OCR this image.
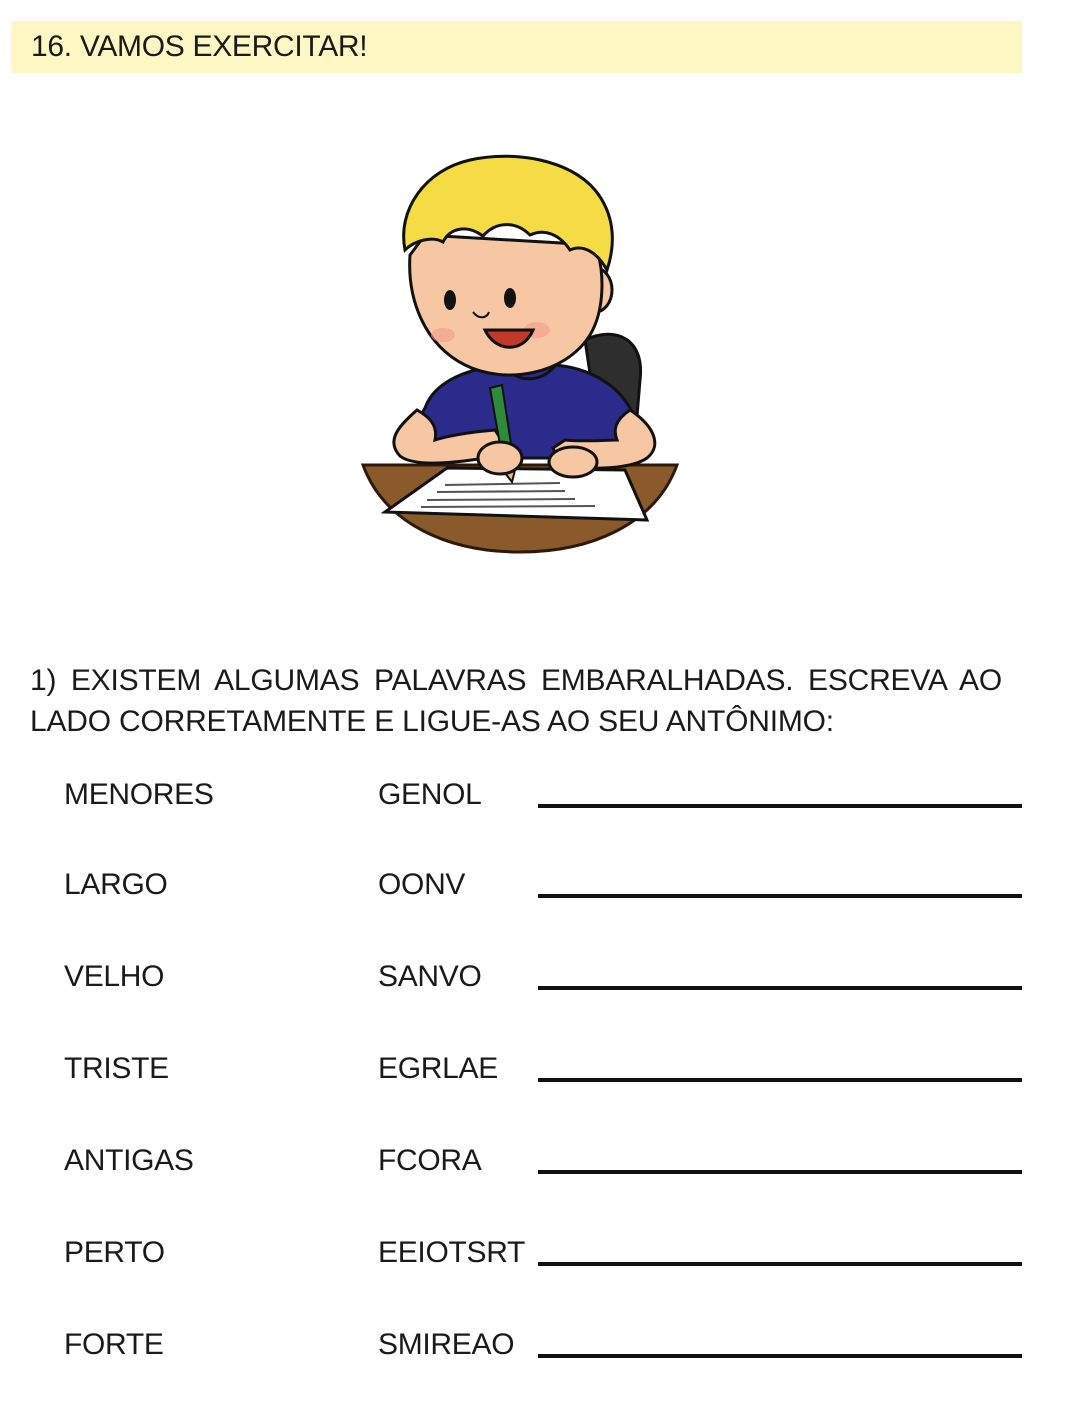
16. VAMOS EXERCITAR!
1) EXISTEM ALGUMAS PALAVRAS EMBARALHADAS. ESCREVA AO
LADO CORRETAMENTE E LIGUE-AS AO SEU ANTÔNIMO:
MENORES	GENOL
LARGO	OONV
VELHO	SANVO
TRISTE	EGRLAE
ANTIGAS	FCORA
PERTO	EEIOTSRT
FORTE	SMIREAO
